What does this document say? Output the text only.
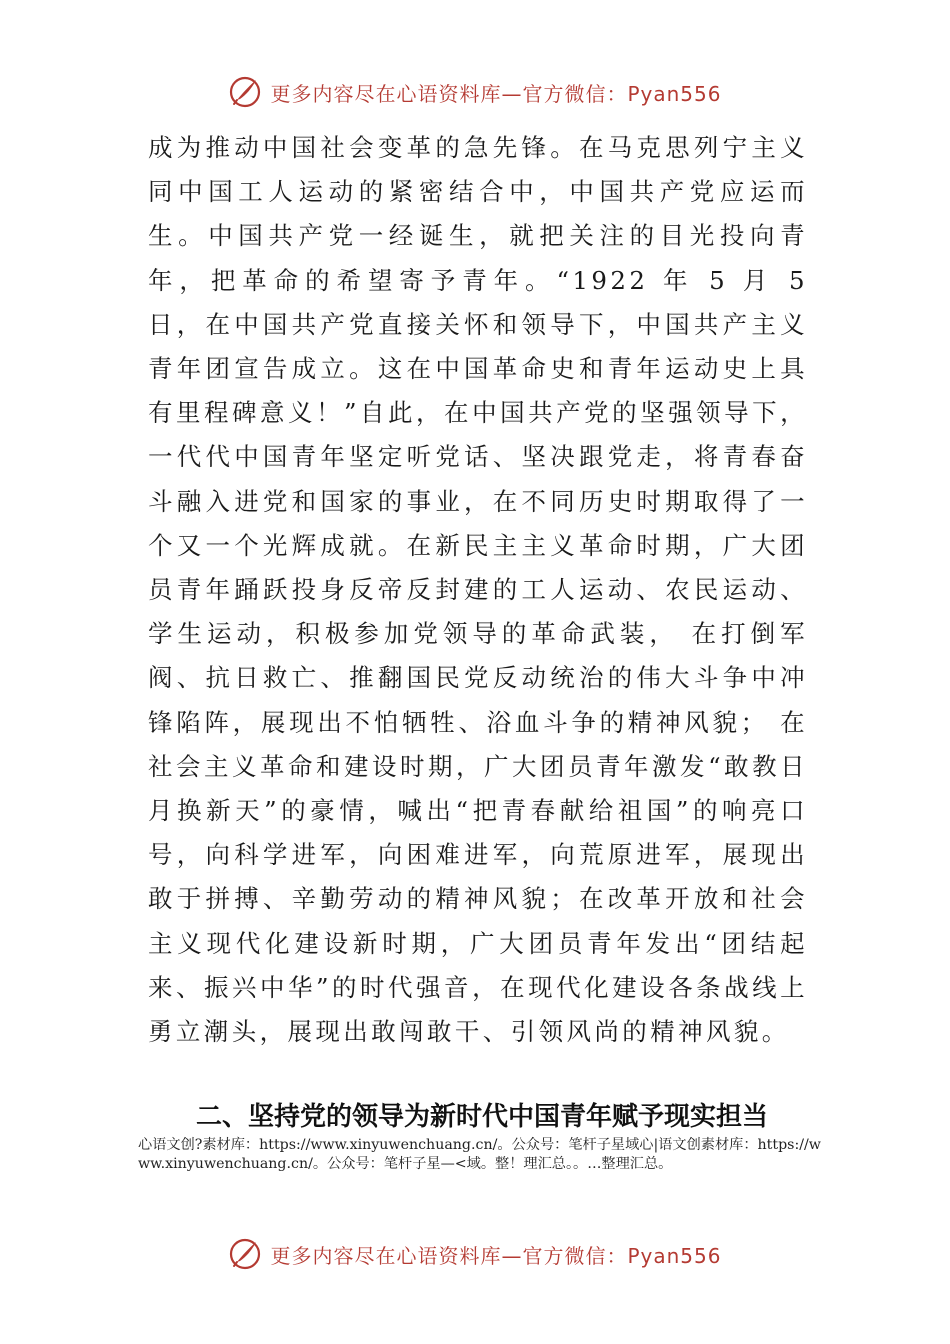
更多内容尽在心语资料库—官方微信：Pyan556

成为推动中国社会变革的急先锋。在马克思列宁主义同中国工人运动的紧密结合中，中国共产党应运而生。中国共产党一经诞生，就把关注的目光投向青年，把革命的希望寄予青年。“1922 年 5 月 5 日，在中国共产党直接关怀和领导下，中国共产主义青年团宣告成立。这在中国革命史和青年运动史上具有里程碑意义！”自此，在中国共产党的坚强领导下，一代代中国青年坚定听党话、坚决跟党走，将青春奋斗融入进党和国家的事业，在不同历史时期取得了一个又一个光辉成就。在新民主主义革命时期，广大团员青年踊跃投身反帝反封建的工人运动、农民运动、学生运动，积极参加党领导的革命武装， 在打倒军阀、抗日救亡、推翻国民党反动统治的伟大斗争中冲锋陷阵，展现出不怕牺牲、浴血斗争的精神风貌； 在社会主义革命和建设时期，广大团员青年激发“敢教日月换新天”的豪情，喊出“把青春献给祖国”的响亮口号，向科学进军，向困难进军，向荒原进军，展现出敢于拼搏、辛勤劳动的精神风貌；在改革开放和社会主义现代化建设新时期，广大团员青年发出“团结起来、振兴中华”的时代强音，在现代化建设各条战线上勇立潮头，展现出敢闯敢干、引领风尚的精神风貌。

二、坚持党的领导为新时代中国青年赋予现实担当

心语文创?素材库：https://www.xinyuwenchuang.cn/。公众号：笔杆子星域心|语文创素材库：https://www.xinyuwenchuang.cn/。公众号：笔杆子星—<域。整！理汇总。。…整理汇总。

更多内容尽在心语资料库—官方微信：Pyan556
